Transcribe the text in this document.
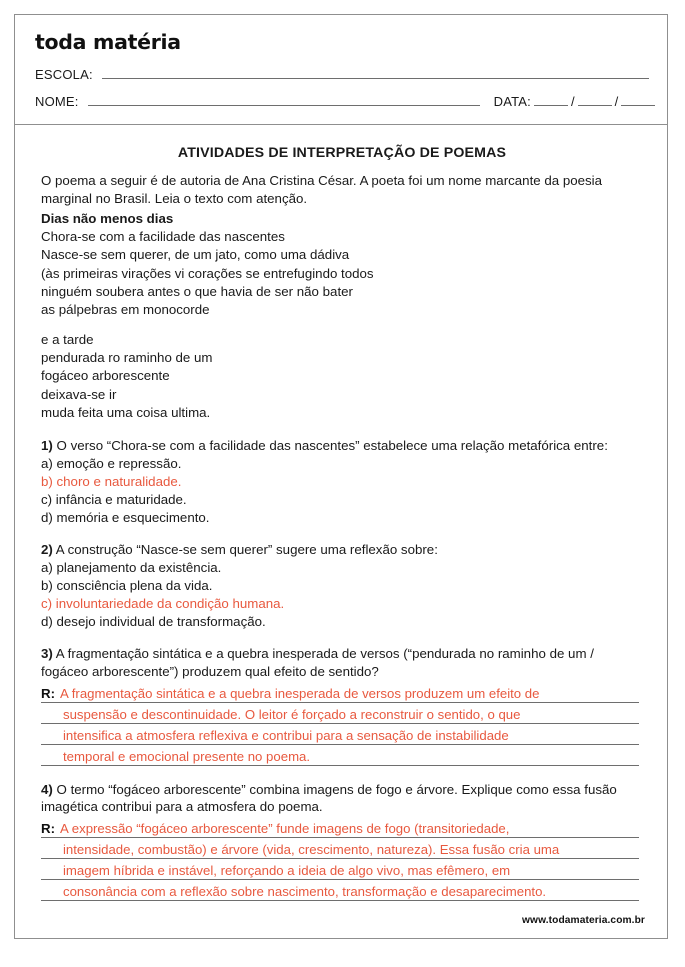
toda matéria
ESCOLA:
NOME:	DATA:	/	/
ATIVIDADES DE INTERPRETAÇÃO DE POEMAS

O poema a seguir é de autoria de Ana Cristina César. A poeta foi um nome marcante da poesia marginal no Brasil. Leia o texto com atenção.

Dias não menos dias
Chora-se com a facilidade das nascentes
Nasce-se sem querer, de um jato, como uma dádiva
(às primeiras virações vi corações se entrefugindo todos
ninguém soubera antes o que havia de ser não bater
as pálpebras em monocorde
e a tarde
pendurada ro raminho de um
fogáceo arborescente
deixava-se ir
muda feita uma coisa ultima.

1) O verso “Chora-se com a facilidade das nascentes” estabelece uma relação metafórica entre:

a) emoção e repressão.

b) choro e naturalidade.

c) infância e maturidade.

d) memória e esquecimento.

2) A construção “Nasce-se sem querer” sugere uma reflexão sobre:

a) planejamento da existência.

b) consciência plena da vida.

c) involuntariedade da condição humana.

d) desejo individual de transformação.

3) A fragmentação sintática e a quebra inesperada de versos (“pendurada no raminho de um / fogáceo arborescente”) produzem qual efeito de sentido?

R: A fragmentação sintática e a quebra inesperada de versos produzem um efeito de
suspensão e descontinuidade. O leitor é forçado a reconstruir o sentido, o que
intensifica a atmosfera reflexiva e contribui para a sensação de instabilidade
temporal e emocional presente no poema.

4) O termo “fogáceo arborescente” combina imagens de fogo e árvore. Explique como essa fusão imagética contribui para a atmosfera do poema.

R: A expressão “fogáceo arborescente” funde imagens de fogo (transitoriedade,
intensidade, combustão) e árvore (vida, crescimento, natureza). Essa fusão cria uma
imagem híbrida e instável, reforçando a ideia de algo vivo, mas efêmero, em
consonância com a reflexão sobre nascimento, transformação e desaparecimento.
www.todamateria.com.br
